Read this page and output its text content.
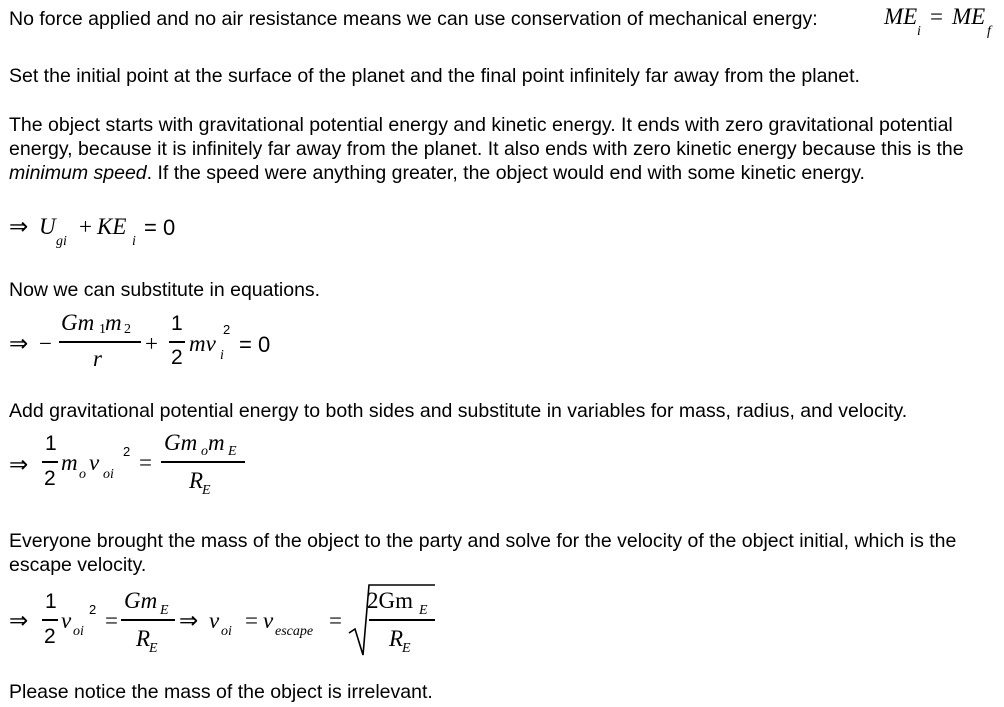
No force applied and no air resistance means we can use conservation of mechanical energy:	ME
i
= ME
f
Set the initial point at the surface of the planet and the final point infinitely far away from the planet.
The object starts with gravitational potential energy and kinetic energy. It ends with zero gravitational potential energy, because it is infinitely far away from the planet. It also ends with zero kinetic energy because this is the minimum speed. If the speed were anything greater, the object would end with some kinetic energy.
⇒ U
gi
+ KE
i
= 0
Now we can substitute in equations.
⇒ −
Gm 1 m 2
r
+
1
2
mv
2
i = 0
Add gravitational potential energy to both sides and substitute in variables for mass, radius, and velocity.
⇒
1
2
m o v oi
2 =
Gm o m E
R
E
Everyone brought the mass of the object to the party and solve for the velocity of the object initial, which is the escape velocity.
⇒
1
2
v oi
2 =
Gm E
R
E
⇒ v oi = v escape =
2Gm E
R
E
Please notice the mass of the object is irrelevant.
